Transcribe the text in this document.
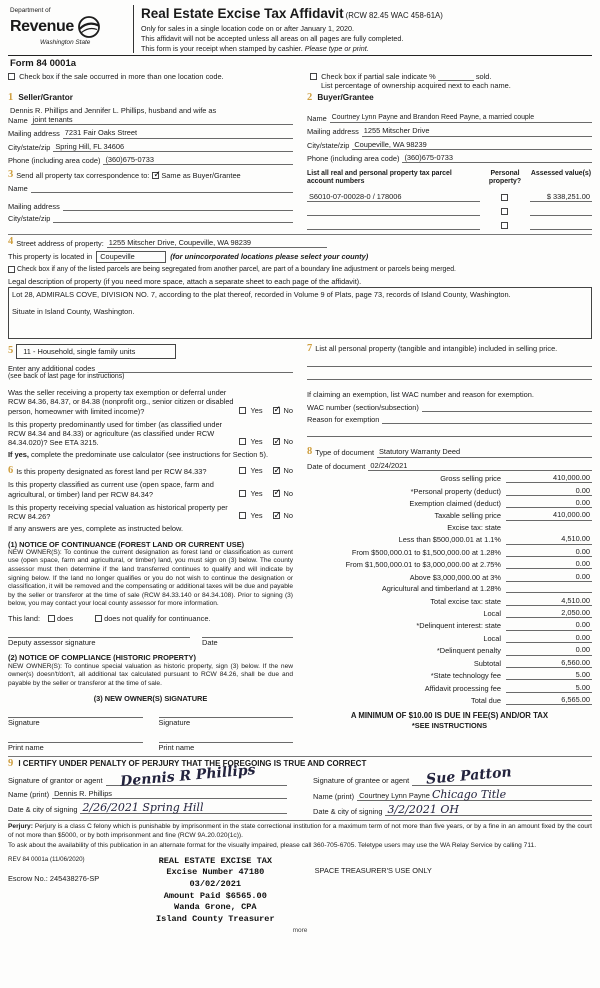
Department of
Revenue
Washington State
Real Estate Excise Tax Affidavit (RCW 82.45 WAC 458-61A)
Only for sales in a single location code on or after January 1, 2020.
This affidavit will not be accepted unless all areas on all pages are fully completed.
This form is your receipt when stamped by cashier. Please type or print.
Form 84 0001a
Check box if the sale occurred in more than one location code.	Check box if partial sale indicate %	sold.
List percentage of ownership acquired next to each name.
1 Seller/Grantor
Dennis R. Phillips and Jennifer L. Phillips, husband and wife as
Name joint tenants
Mailing address 7231 Fair Oaks Street
City/state/zip Spring Hill, FL 34606
Phone (including area code) (360)675-0733
2 Buyer/Grantee
Name Courtney Lynn Payne and Brandon Reed Payne, a married couple
Mailing address 1255 Mitscher Drive
City/state/zip Coupeville, WA 98239
Phone (including area code) (360)675-0733
3 Send all property tax correspondence to: ✓ Same as Buyer/Grantee
Name
Mailing address
City/state/zip
List all real and personal property tax parcel account numbers
Personal property?
Assessed value(s)
S6010-07-00028-0 / 178006	$ 338,251.00
4 Street address of property: 1255 Mitscher Drive, Coupeville, WA 98239
This property is located in	Coupeville	(for unincorporated locations please select your county)
Check box if any of the listed parcels are being segregated from another parcel, are part of a boundary line adjustment or parcels being merged.
Legal description of property (if you need more space, attach a separate sheet to each page of the affidavit).
Lot 28, ADMIRALS COVE, DIVISION NO. 7, according to the plat thereof, recorded in Volume 9 of Plats, page 73, records of Island County, Washington.
Situate in Island County, Washington.
5	11 - Household, single family units
Enter any additional codes
(see back of last page for instructions)
Was the seller receiving a property tax exemption or deferral under RCW 84.36, 84.37, or 84.38 (nonprofit org., senior citizen or disabled person, homeowner with limited income)?	Yes ✓	No
Is this property predominantly used for timber (as classified under RCW 84.34 and 84.33) or agriculture (as classified under RCW 84.34.020)? See ETA 3215.	Yes ✓	No
If yes, complete the predominate use calculator (see instructions for Section 5).
6 Is this property designated as forest land per RCW 84.33?	Yes ✓	No
Is this property classified as current use (open space, farm and agricultural, or timber) land per RCW 84.34?	Yes ✓	No
Is this property receiving special valuation as historical property per RCW 84.26?	Yes ✓	No
If any answers are yes, complete as instructed below.
(1) NOTICE OF CONTINUANCE (FOREST LAND OR CURRENT USE)
NEW OWNER(S): To continue the current designation as forest land or classification as current use (open space, farm and agricultural, or timber) land, you must sign on (3) below. The county assessor must then determine if the land transferred continues to qualify and will indicate by signing below. If the land no longer qualifies or you do not wish to continue the designation or classification, it will be removed and the compensating or additional taxes will be due and payable by the seller or transferor at the time of sale (RCW 84.33.140 or 84.34.108). Prior to signing (3) below, you may contact your local county assessor for more information.
This land: does	does not qualify for continuance.
Deputy assessor signature	Date
(2) NOTICE OF COMPLIANCE (HISTORIC PROPERTY)
NEW OWNER(S): To continue special valuation as historic property, sign (3) below. If the new owner(s) doesn't/don't, all additional tax calculated pursuant to RCW 84.26, shall be due and payable by the seller or transferor at the time of sale.
(3) NEW OWNER(S) SIGNATURE
Signature	Signature
Print name	Print name
7 List all personal property (tangible and intangible) included in selling price.
If claiming an exemption, list WAC number and reason for exemption.
WAC number (section/subsection)
Reason for exemption
8 Type of document Statutory Warranty Deed
Date of document 02/24/2021
Gross selling price	410,000.00
*Personal property (deduct)	0.00
Exemption claimed (deduct)	0.00
Taxable selling price	410,000.00
Excise tax: state
Less than $500,000.01 at 1.1%	4,510.00
From $500,000.01 to $1,500,000.00 at 1.28%	0.00
From $1,500,000.01 to $3,000,000.00 at 2.75%	0.00
Above $3,000,000.00 at 3%	0.00
Agricultural and timberland at 1.28%
Total excise tax: state	4,510.00
Local	2,050.00
*Delinquent interest: state	0.00
Local	0.00
*Delinquent penalty	0.00
Subtotal	6,560.00
*State technology fee	5.00
Affidavit processing fee	5.00
Total due	6,565.00
A MINIMUM OF $10.00 IS DUE IN FEE(S) AND/OR TAX
*SEE INSTRUCTIONS
9 I CERTIFY UNDER PENALTY OF PERJURY THAT THE FOREGOING IS TRUE AND CORRECT
Signature of grantor or agent Dennis R Phillips
Name (print) Dennis R. Phillips
Date & city of signing 2/26/2021 Spring Hill
Signature of grantee or agent Sue Patton
Name (print) Courtney Lynn Payne Chicago Title
Date & city of signing 3/2/2021 OH
Perjury: Perjury is a class C felony which is punishable by imprisonment in the state correctional institution for a maximum term of not more than five years, or by a fine in an amount fixed by the court of not more than $5000, or by both imprisonment and fine (RCW 9A.20.020(1c)).
To ask about the availability of this publication in an alternate format for the visually impaired, please call 360-705-6705. Teletype users may use the WA Relay Service by calling 711.
REV 84 0001a (11/06/2020)
Escrow No.: 245438276-SP
REAL ESTATE EXCISE TAX
Excise Number 47180
03/02/2021
Amount Paid $6565.00
Wanda Grone, CPA
Island County Treasurer
SPACE TREASURER'S USE ONLY
more
